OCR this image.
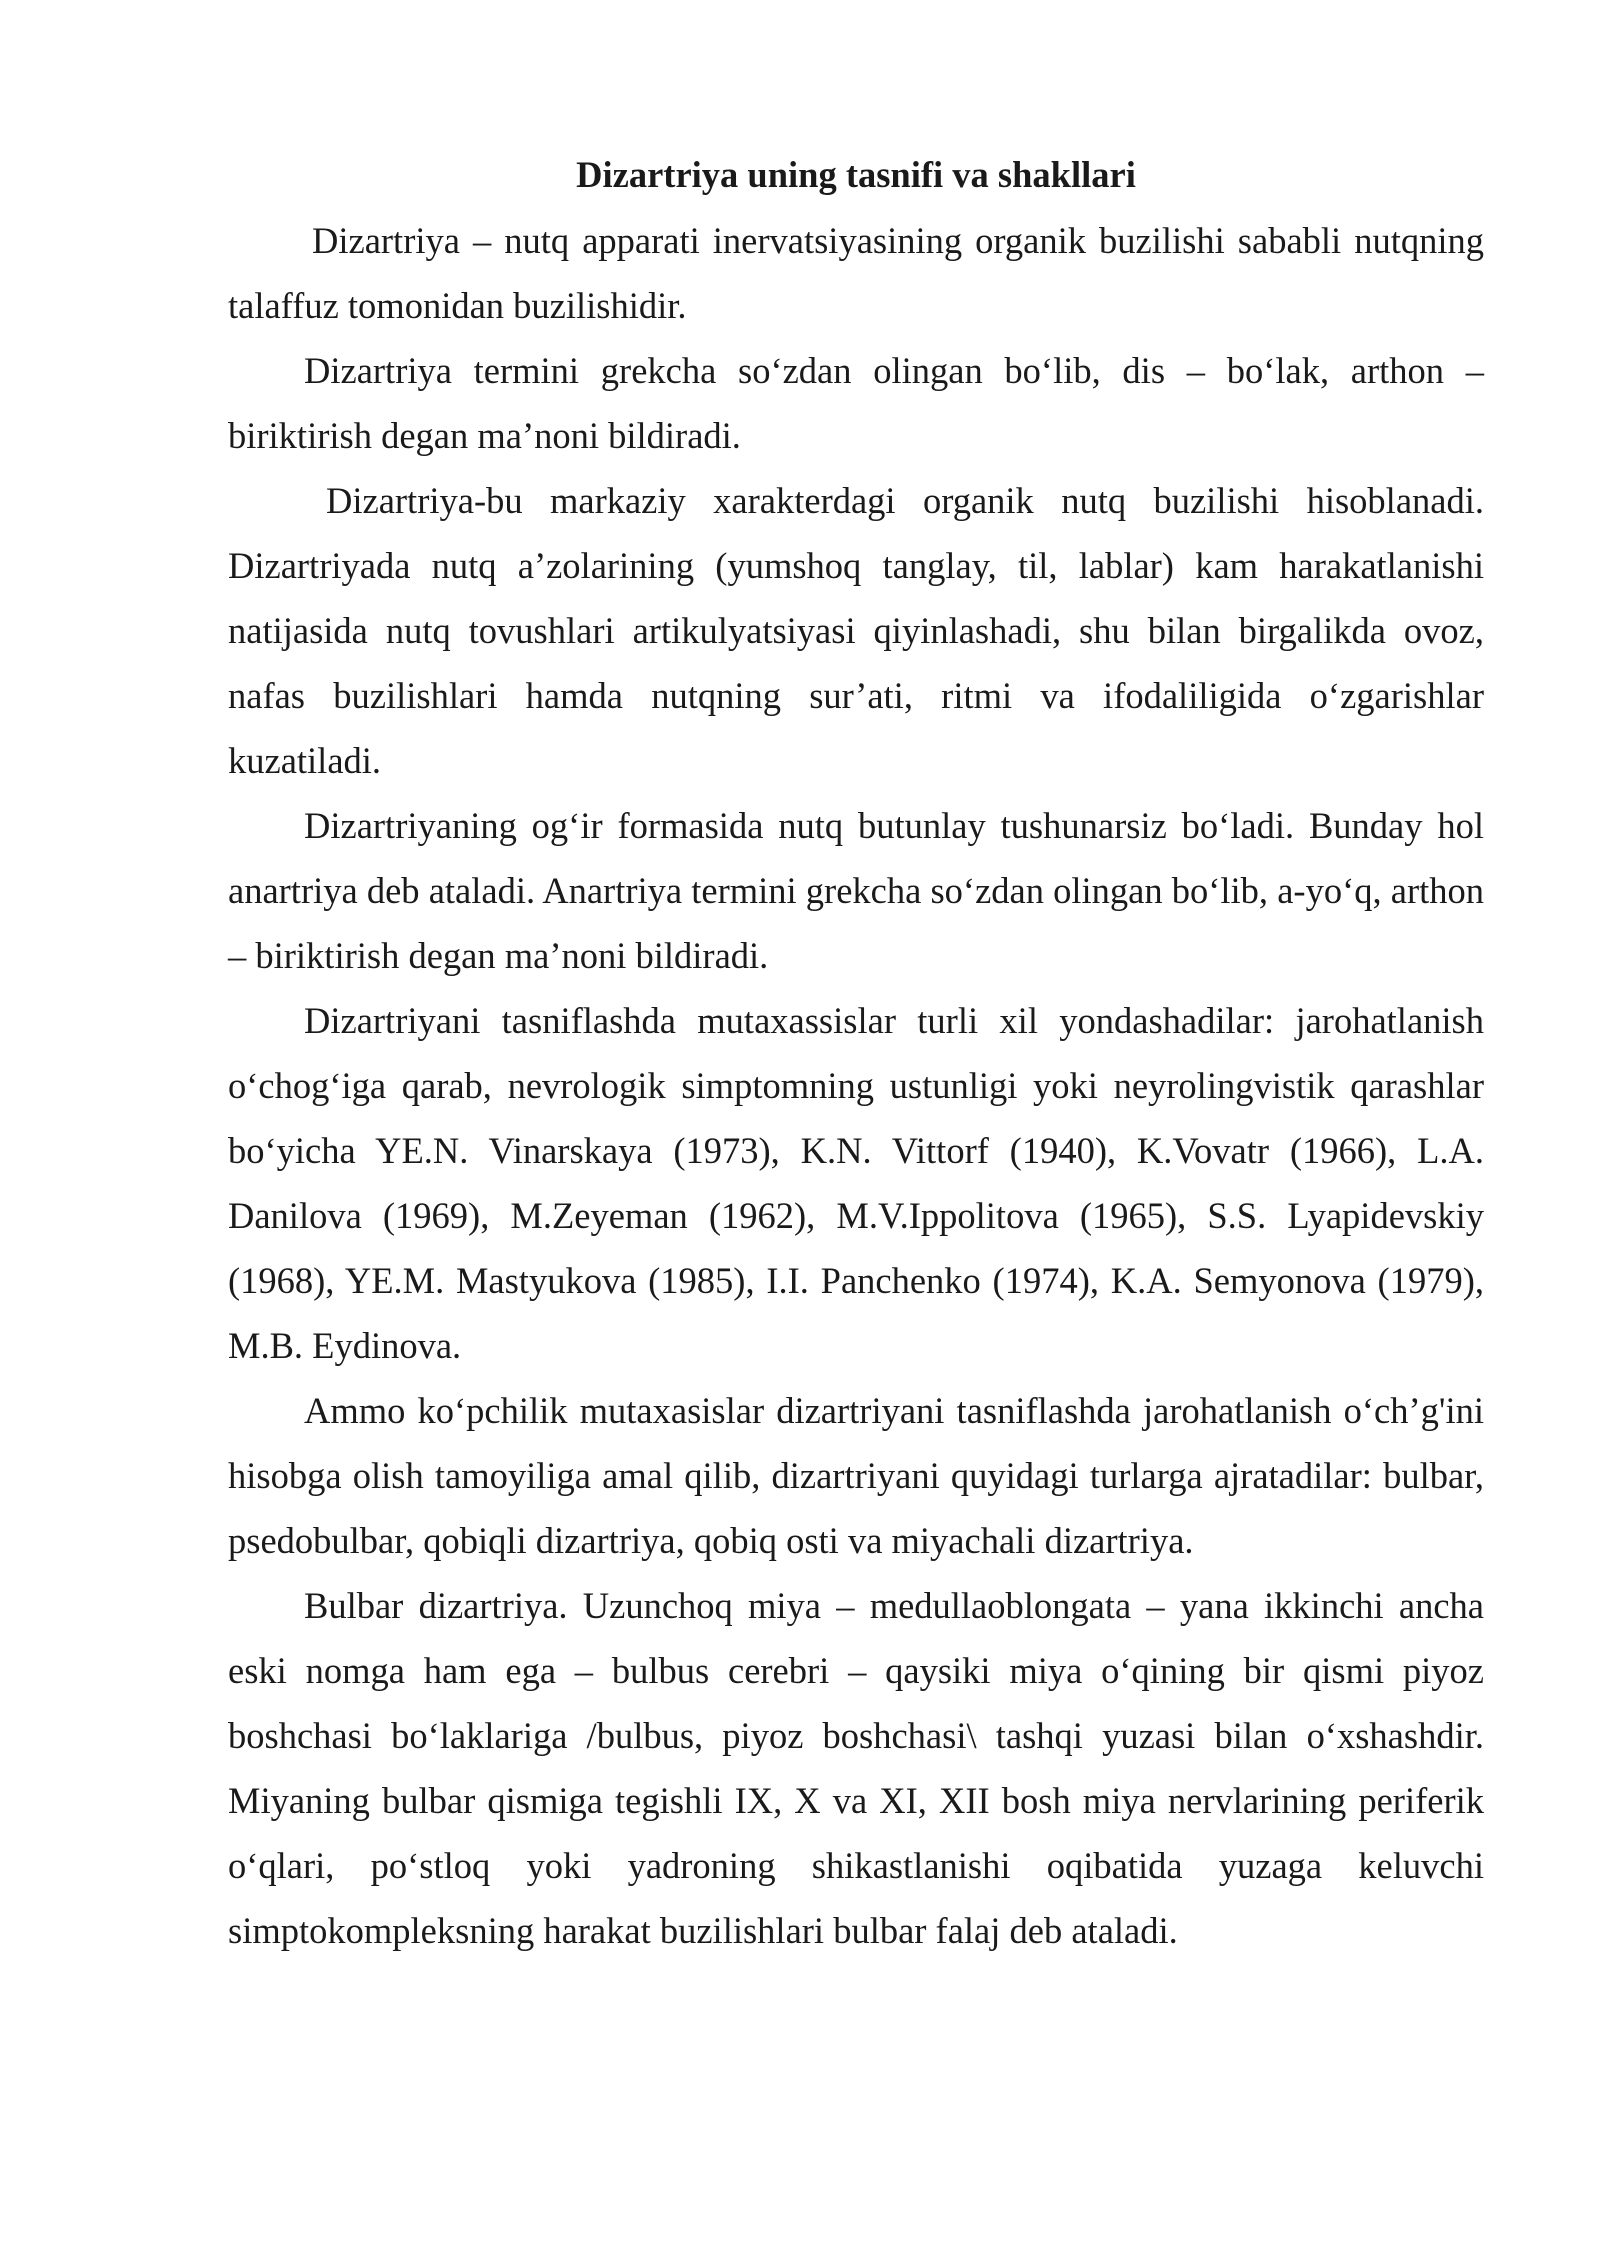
Dizartriya uning tasnifi va shakllari

Dizartriya – nutq apparati inervatsiyasining organik buzilishi sababli nutqning talaffuz tomonidan buzilishidir.

Dizartriya termini grekcha so‘zdan olingan bo‘lib, dis – bo‘lak, arthon – biriktirish degan ma’noni bildiradi.

Dizartriya-bu markaziy xarakterdagi organik nutq buzilishi hisoblanadi. Dizartriyada nutq a’zolarining (yumshoq tanglay, til, lablar) kam harakatlanishi natijasida nutq tovushlari artikulyatsiyasi qiyinlashadi, shu bilan birgalikda ovoz, nafas buzilishlari hamda nutqning sur’ati, ritmi va ifodaliligida o‘zgarishlar kuzatiladi.

Dizartriyaning og‘ir formasida nutq butunlay tushunarsiz bo‘ladi. Bunday hol anartriya deb ataladi. Anartriya termini grekcha so‘zdan olingan bo‘lib, a-yo‘q, arthon – biriktirish degan ma’noni bildiradi.

Dizartriyani tasniflashda mutaxassislar turli xil yondashadilar: jarohatlanish o‘chog‘iga qarab, nevrologik simptomning ustunligi yoki neyrolingvistik qarashlar bo‘yicha YE.N. Vinarskaya (1973), K.N. Vittorf (1940), K.Vovatr (1966), L.A. Danilova (1969), M.Zeyeman (1962), M.V.Ippolitova (1965), S.S. Lyapidevskiy (1968), YE.M. Mastyukova (1985), I.I. Panchenko (1974), K.A. Semyonova (1979), M.B. Eydinova.

Ammo ko‘pchilik mutaxasislar dizartriyani tasniflashda jarohatlanish o‘ch’g'ini hisobga olish tamoyiliga amal qilib, dizartriyani quyidagi turlarga ajratadilar: bulbar, psedobulbar, qobiqli dizartriya, qobiq osti va miyachali dizartriya.

Bulbar dizartriya. Uzunchoq miya – medullaoblongata – yana ikkinchi ancha eski nomga ham ega – bulbus cerebri – qaysiki miya o‘qining bir qismi piyoz boshchasi bo‘laklariga /bulbus, piyoz boshchasi\ tashqi yuzasi bilan o‘xshashdir. Miyaning bulbar qismiga tegishli IX, X va XI, XII bosh miya nervlarining periferik o‘qlari, po‘stloq yoki yadroning shikastlanishi oqibatida yuzaga keluvchi simptokompleksning harakat buzilishlari bulbar falaj deb ataladi.
